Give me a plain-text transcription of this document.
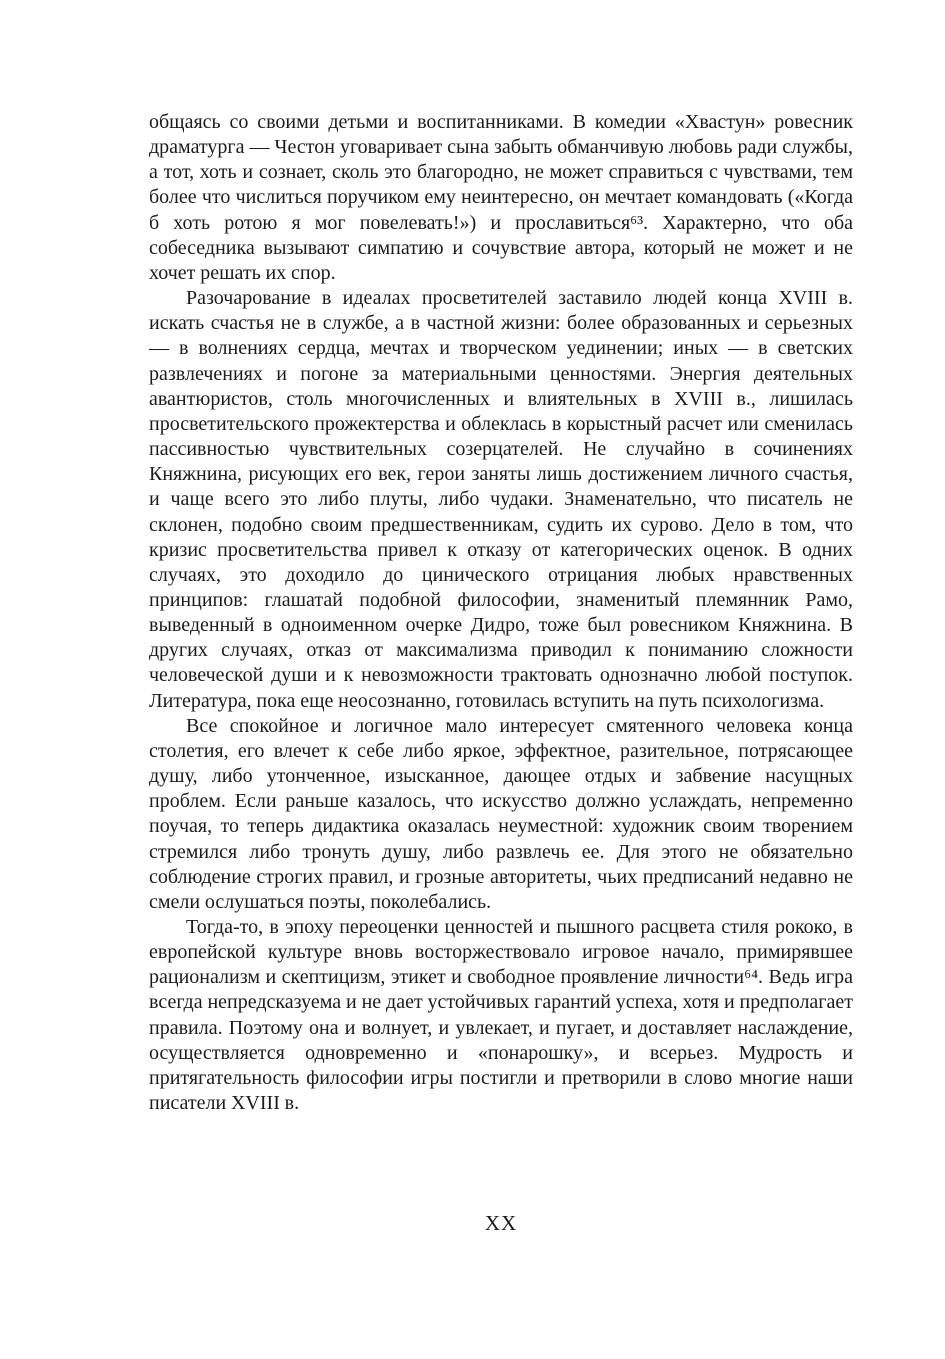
общаясь со своими детьми и воспитанниками. В комедии «Хвастун» ровесник драматурга — Честон уговаривает сына забыть обманчивую любовь ради службы, а тот, хоть и сознает, сколь это благородно, не может справиться с чувствами, тем более что числиться поручиком ему неинтересно, он мечтает командовать («Когда б хоть ротою я мог повелевать!») и прославиться⁶³. Характерно, что оба собеседника вызывают симпатию и сочувствие автора, который не может и не хочет решать их спор.

Разочарование в идеалах просветителей заставило людей конца XVIII в. искать счастья не в службе, а в частной жизни: более образованных и серьезных — в волнениях сердца, мечтах и творческом уединении; иных — в светских развлечениях и погоне за материальными ценностями. Энергия деятельных авантюристов, столь многочисленных и влиятельных в XVIII в., лишилась просветительского прожектерства и облеклась в корыстный расчет или сменилась пассивностью чувствительных созерцателей. Не случайно в сочинениях Княжнина, рисующих его век, герои заняты лишь достижением личного счастья, и чаще всего это либо плуты, либо чудаки. Знаменательно, что писатель не склонен, подобно своим предшественникам, судить их сурово. Дело в том, что кризис просветительства привел к отказу от категорических оценок. В одних случаях, это доходило до цинического отрицания любых нравственных принципов: глашатай подобной философии, знаменитый племянник Рамо, выведенный в одноименном очерке Дидро, тоже был ровесником Княжнина. В других случаях, отказ от максимализма приводил к пониманию сложности человеческой души и к невозможности трактовать однозначно любой поступок. Литература, пока еще неосознанно, готовилась вступить на путь психологизма.

Все спокойное и логичное мало интересует смятенного человека конца столетия, его влечет к себе либо яркое, эффектное, разительное, потрясающее душу, либо утонченное, изысканное, дающее отдых и забвение насущных проблем. Если раньше казалось, что искусство должно услаждать, непременно поучая, то теперь дидактика оказалась неуместной: художник своим творением стремился либо тронуть душу, либо развлечь ее. Для этого не обязательно соблюдение строгих правил, и грозные авторитеты, чьих предписаний недавно не смели ослушаться поэты, поколебались.

Тогда-то, в эпоху переоценки ценностей и пышного расцвета стиля рококо, в европейской культуре вновь восторжествовало игровое начало, примирявшее рационализм и скептицизм, этикет и свободное проявление личности⁶⁴. Ведь игра всегда непредсказуема и не дает устойчивых гарантий успеха, хотя и предполагает правила. Поэтому она и волнует, и увлекает, и пугает, и доставляет наслаждение, осуществляется одновременно и «понарошку», и всерьез. Мудрость и притягательность философии игры постигли и претворили в слово многие наши писатели XVIII в.

XX
